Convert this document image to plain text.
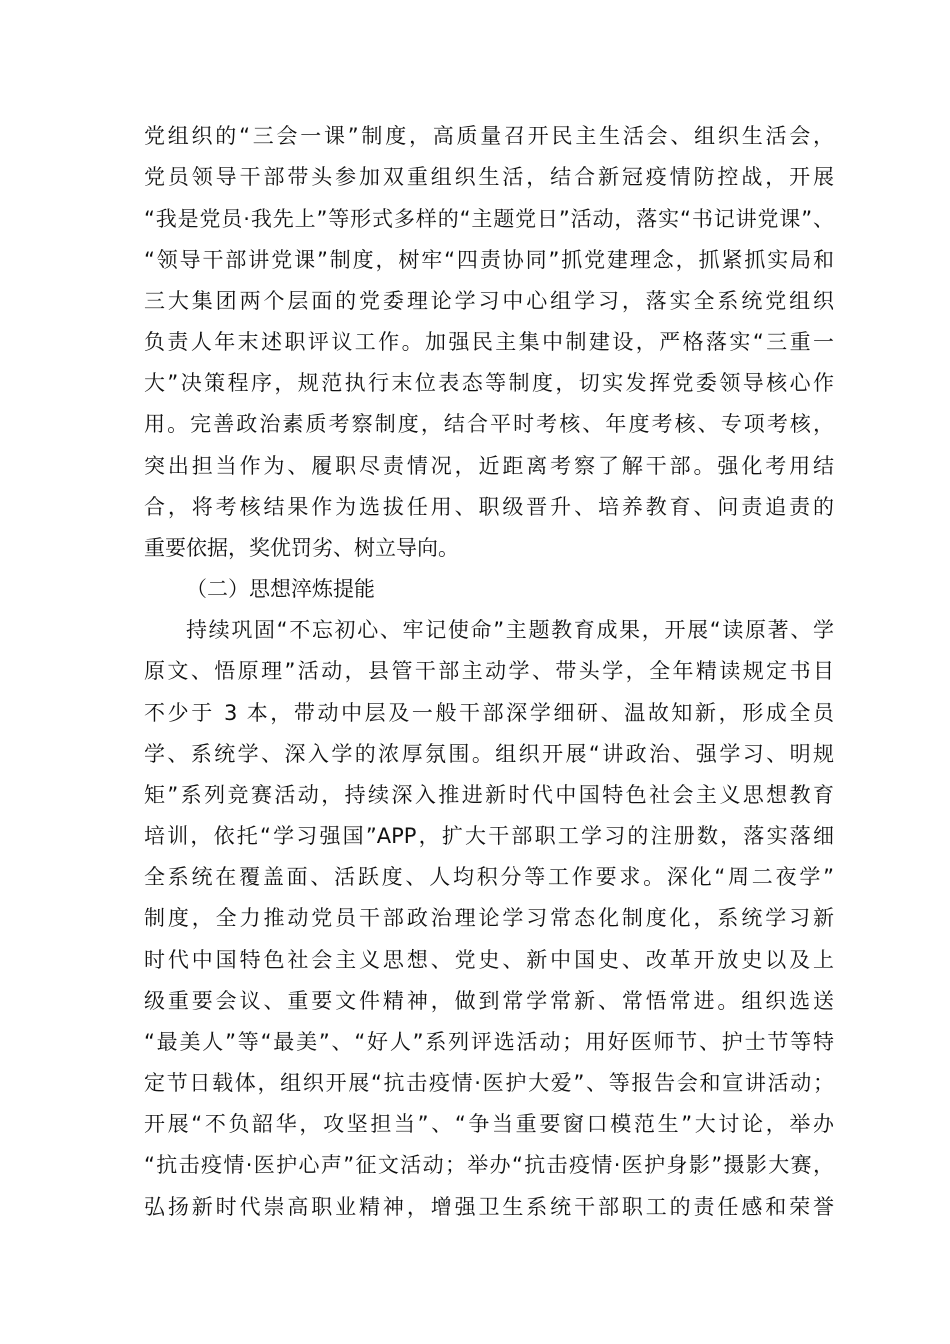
党组织的“三会一课”制度，高质量召开民主生活会、组织生活会，
党员领导干部带头参加双重组织生活，结合新冠疫情防控战，开展
“我是党员·我先上”等形式多样的“主题党日”活动，落实“书记讲党课”、
“领导干部讲党课”制度，树牢“四责协同”抓党建理念，抓紧抓实局和
三大集团两个层面的党委理论学习中心组学习，落实全系统党组织
负责人年末述职评议工作。加强民主集中制建设，严格落实“三重一
大”决策程序，规范执行末位表态等制度，切实发挥党委领导核心作
用。完善政治素质考察制度，结合平时考核、年度考核、专项考核，
突出担当作为、履职尽责情况，近距离考察了解干部。强化考用结
合，将考核结果作为选拔任用、职级晋升、培养教育、问责追责的
重要依据，奖优罚劣、树立导向。
（二）思想淬炼提能
持续巩固“不忘初心、牢记使命”主题教育成果，开展“读原著、学
原文、悟原理”活动，县管干部主动学、带头学，全年精读规定书目
不少于 3 本，带动中层及一般干部深学细研、温故知新，形成全员
学、系统学、深入学的浓厚氛围。组织开展“讲政治、强学习、明规
矩”系列竞赛活动，持续深入推进新时代中国特色社会主义思想教育
培训，依托“学习强国”APP，扩大干部职工学习的注册数，落实落细
全系统在覆盖面、活跃度、人均积分等工作要求。深化“周二夜学”
制度，全力推动党员干部政治理论学习常态化制度化，系统学习新
时代中国特色社会主义思想、党史、新中国史、改革开放史以及上
级重要会议、重要文件精神，做到常学常新、常悟常进。组织选送
“最美人”等“最美”、“好人”系列评选活动；用好医师节、护士节等特
定节日载体，组织开展“抗击疫情·医护大爱”、等报告会和宣讲活动；
开展“不负韶华，攻坚担当”、“争当重要窗口模范生”大讨论，举办
“抗击疫情·医护心声”征文活动；举办“抗击疫情·医护身影”摄影大赛，
弘扬新时代崇高职业精神，增强卫生系统干部职工的责任感和荣誉
